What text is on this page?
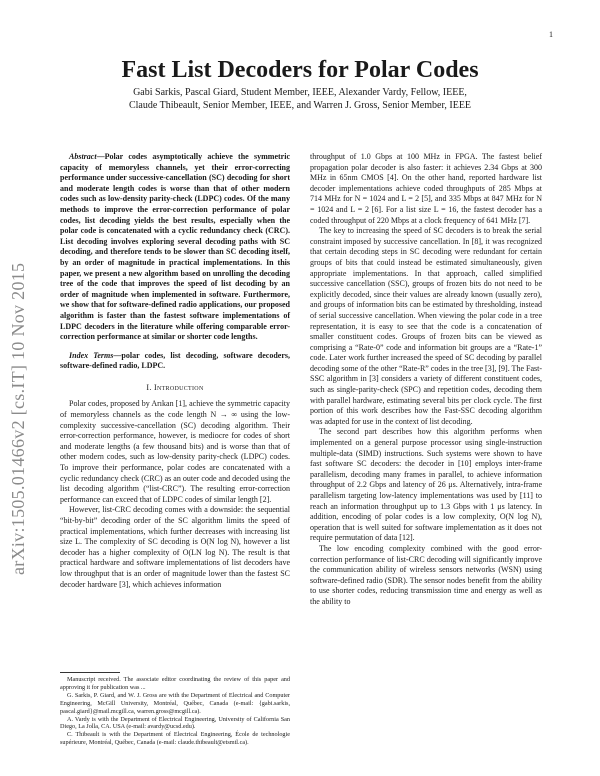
1
arXiv:1505.01466v2 [cs.IT] 10 Nov 2015
Fast List Decoders for Polar Codes
Gabi Sarkis, Pascal Giard, Student Member, IEEE, Alexander Vardy, Fellow, IEEE,
Claude Thibeault, Senior Member, IEEE, and Warren J. Gross, Senior Member, IEEE

Abstract—Polar codes asymptotically achieve the symmetric capacity of memoryless channels, yet their error-correcting performance under successive-cancellation (SC) decoding for short and moderate length codes is worse than that of other modern codes such as low-density parity-check (LDPC) codes. Of the many methods to improve the error-correction performance of polar codes, list decoding yields the best results, especially when the polar code is concatenated with a cyclic redundancy check (CRC). List decoding involves exploring several decoding paths with SC decoding, and therefore tends to be slower than SC decoding itself, by an order of magnitude in practical implementations. In this paper, we present a new algorithm based on unrolling the decoding tree of the code that improves the speed of list decoding by an order of magnitude when implemented in software. Furthermore, we show that for software-defined radio applications, our proposed algorithm is faster than the fastest software implementations of LDPC decoders in the literature while offering comparable error-correction performance at similar or shorter code lengths.

Index Terms—polar codes, list decoding, software decoders, software-defined radio, LDPC.

I. Introduction

Polar codes, proposed by Arıkan [1], achieve the symmetric capacity of memoryless channels as the code length N → ∞ using the low-complexity successive-cancellation (SC) decoding algorithm. Their error-correction performance, however, is mediocre for codes of short and moderate lengths (a few thousand bits) and is worse than that of other modern codes, such as low-density parity-check (LDPC) codes. To improve their performance, polar codes are concatenated with a cyclic redundancy check (CRC) as an outer code and decoded using the list decoding algorithm (“list-CRC”). The resulting error-correction performance can exceed that of LDPC codes of similar length [2].

However, list-CRC decoding comes with a downside: the sequential “bit-by-bit” decoding order of the SC algorithm limits the speed of practical implementations, which further decreases with increasing list size L. The complexity of SC decoding is O(N log N), however a list decoder has a higher complexity of O(LN log N). The result is that practical hardware and software implementations of list decoders have low throughput that is an order of magnitude lower than the fastest SC decoder hardware [3], which achieves information

throughput of 1.0 Gbps at 100 MHz in FPGA. The fastest belief propagation polar decoder is also faster: it achieves 2.34 Gbps at 300 MHz in 65nm CMOS [4]. On the other hand, reported hardware list decoder implementations achieve coded throughputs of 285 Mbps at 714 MHz for N = 1024 and L = 2 [5], and 335 Mbps at 847 MHz for N = 1024 and L = 2 [6]. For a list size L = 16, the fastest decoder has a coded throughput of 220 Mbps at a clock frequency of 641 MHz [7].

The key to increasing the speed of SC decoders is to break the serial constraint imposed by successive cancellation. In [8], it was recognized that certain decoding steps in SC decoding were redundant for certain groups of bits that could instead be estimated simultaneously, given appropriate implementations. In that approach, called simplified successive cancellation (SSC), groups of frozen bits do not need to be explicitly decoded, since their values are already known (usually zero), and groups of information bits can be estimated by thresholding, instead of serial successive cancellation. When viewing the polar code in a tree representation, it is easy to see that the code is a concatenation of smaller constituent codes. Groups of frozen bits can be viewed as comprising a “Rate-0” code and information bit groups are a “Rate-1” code. Later work further increased the speed of SC decoding by parallel decoding some of the other “Rate-R” codes in the tree [3], [9]. The Fast-SSC algorithm in [3] considers a variety of different constituent codes, such as single-parity-check (SPC) and repetition codes, decoding them with parallel hardware, estimating several bits per clock cycle. The first portion of this work describes how the Fast-SSC decoding algorithm was adapted for use in the context of list decoding.

The second part describes how this algorithm performs when implemented on a general purpose processor using single-instruction multiple-data (SIMD) instructions. Such systems were shown to have fast software SC decoders: the decoder in [10] employs inter-frame parallelism, decoding many frames in parallel, to achieve information throughput of 2.2 Gbps and latency of 26 μs. Alternatively, intra-frame parallelism targeting low-latency implementations was used by [11] to reach an information throughput up to 1.3 Gbps with 1 μs latency. In addition, encoding of polar codes is a low complexity, O(N log N), operation that is well suited for software implementation as it does not require permutation of data [12].

The low encoding complexity combined with the good error-correction performance of list-CRC decoding will significantly improve the communication ability of wireless sensors networks (WSN) using software-defined radio (SDR). The sensor nodes benefit from the ability to use shorter codes, reducing transmission time and energy as well as the ability to

Manuscript received. The associate editor coordinating the review of this paper and approving it for publication was ...

G. Sarkis, P. Giard, and W. J. Gross are with the Department of Electrical and Computer Engineering, McGill University, Montréal, Québec, Canada (e-mail: {gabi.sarkis, pascal.giard}@mail.mcgill.ca, warren.gross@mcgill.ca).

A. Vardy is with the Department of Electrical Engineering, University of California San Diego, La Jolla, CA. USA (e-mail: avardy@ucsd.edu).

C. Thibeault is with the Department of Electrical Engineering, École de technologie supérieure, Montréal, Québec, Canada (e-mail: claude.thibeault@etsmtl.ca).
